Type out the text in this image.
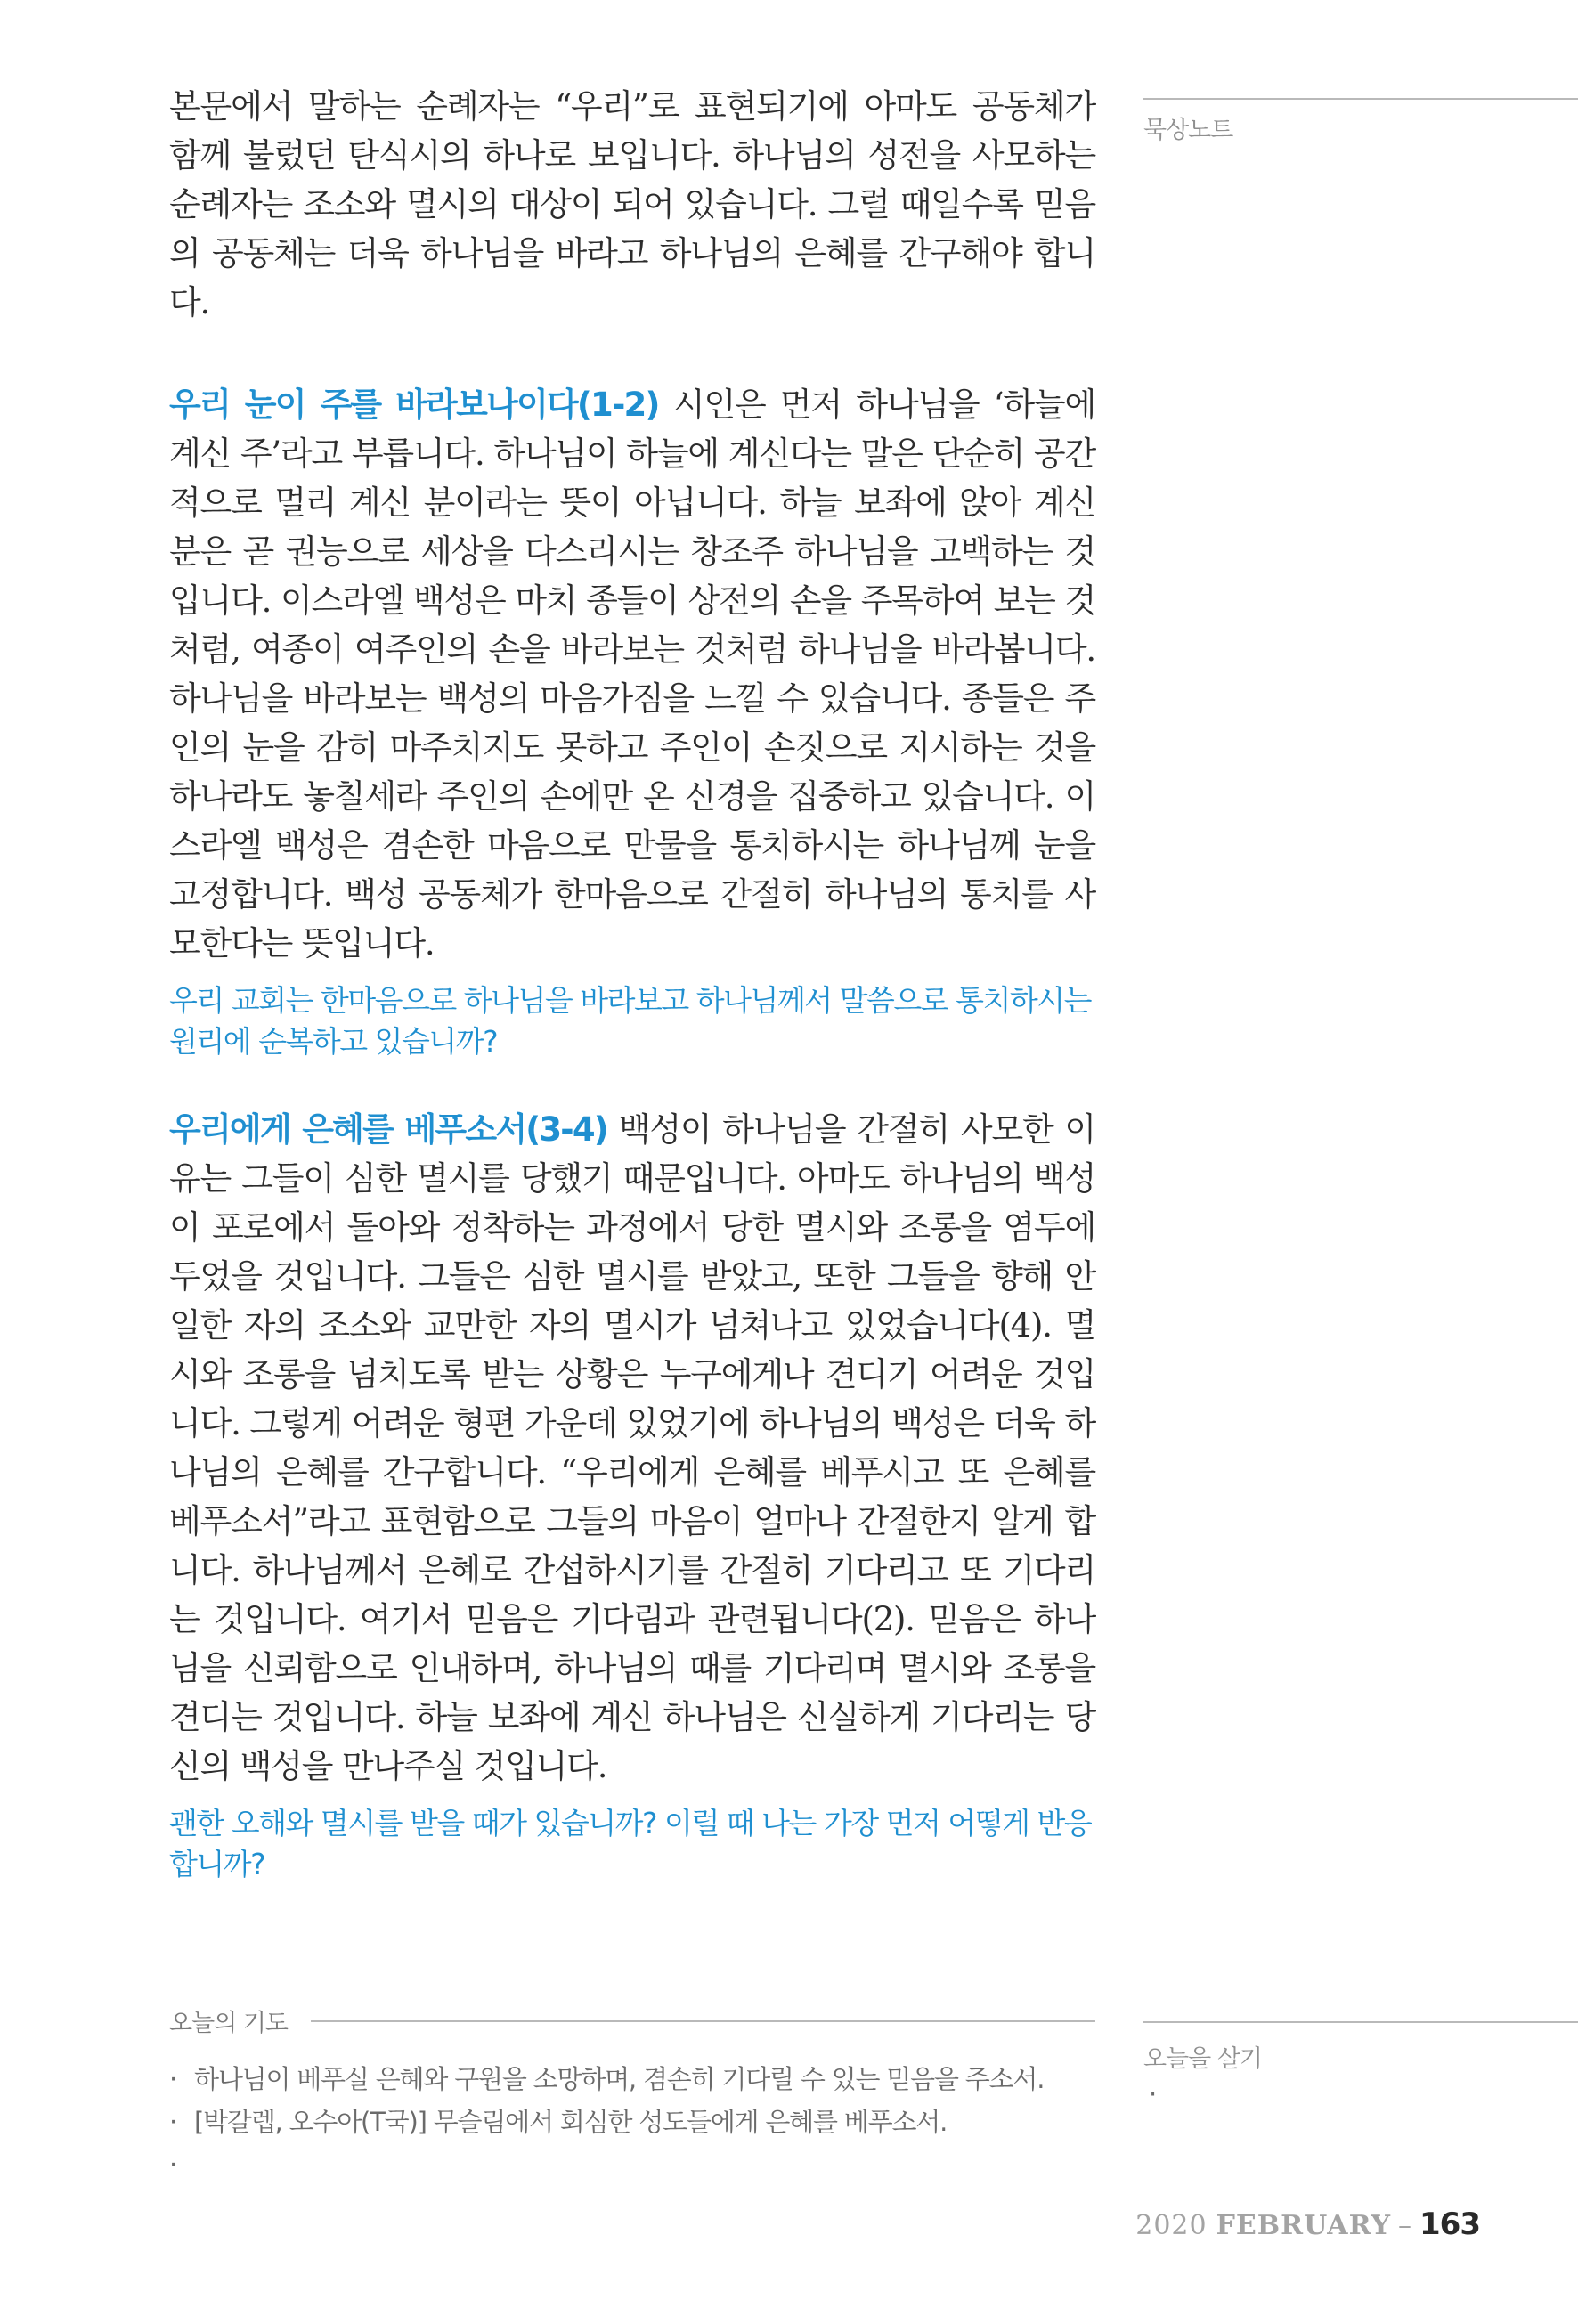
본문에서 말하는 순례자는 “우리”로 표현되기에 아마도 공동체가 함께 불렀던 탄식시의 하나로 보입니다. 하나님의 성전을 사모하는 순례자는 조소와 멸시의 대상이 되어 있습니다. 그럴 때일수록 믿음의 공동체는 더욱 하나님을 바라고 하나님의 은혜를 간구해야 합니다.

우리 눈이 주를 바라보나이다(1-2) 시인은 먼저 하나님을 ‘하늘에 계신 주’라고 부릅니다. 하나님이 하늘에 계신다는 말은 단순히 공간적으로 멀리 계신 분이라는 뜻이 아닙니다. 하늘 보좌에 앉아 계신 분은 곧 권능으로 세상을 다스리시는 창조주 하나님을 고백하는 것입니다. 이스라엘 백성은 마치 종들이 상전의 손을 주목하여 보는 것처럼, 여종이 여주인의 손을 바라보는 것처럼 하나님을 바라봅니다. 하나님을 바라보는 백성의 마음가짐을 느낄 수 있습니다. 종들은 주인의 눈을 감히 마주치지도 못하고 주인이 손짓으로 지시하는 것을 하나라도 놓칠세라 주인의 손에만 온 신경을 집중하고 있습니다. 이스라엘 백성은 겸손한 마음으로 만물을 통치하시는 하나님께 눈을 고정합니다. 백성 공동체가 한마음으로 간절히 하나님의 통치를 사모한다는 뜻입니다.

우리 교회는 한마음으로 하나님을 바라보고 하나님께서 말씀으로 통치하시는 원리에 순복하고 있습니까?

우리에게 은혜를 베푸소서(3-4) 백성이 하나님을 간절히 사모한 이유는 그들이 심한 멸시를 당했기 때문입니다. 아마도 하나님의 백성이 포로에서 돌아와 정착하는 과정에서 당한 멸시와 조롱을 염두에 두었을 것입니다. 그들은 심한 멸시를 받았고, 또한 그들을 향해 안일한 자의 조소와 교만한 자의 멸시가 넘쳐나고 있었습니다(4). 멸시와 조롱을 넘치도록 받는 상황은 누구에게나 견디기 어려운 것입니다. 그렇게 어려운 형편 가운데 있었기에 하나님의 백성은 더욱 하나님의 은혜를 간구합니다. “우리에게 은혜를 베푸시고 또 은혜를 베푸소서”라고 표현함으로 그들의 마음이 얼마나 간절한지 알게 합니다. 하나님께서 은혜로 간섭하시기를 간절히 기다리고 또 기다리는 것입니다. 여기서 믿음은 기다림과 관련됩니다(2). 믿음은 하나님을 신뢰함으로 인내하며, 하나님의 때를 기다리며 멸시와 조롱을 견디는 것입니다. 하늘 보좌에 계신 하나님은 신실하게 기다리는 당신의 백성을 만나주실 것입니다.

괜한 오해와 멸시를 받을 때가 있습니까? 이럴 때 나는 가장 먼저 어떻게 반응합니까?

묵상노트
오늘의 기도
· 하나님이 베푸실 은혜와 구원을 소망하며, 겸손히 기다릴 수 있는 믿음을 주소서.
· [박갈렙, 오수아(T국)] 무슬림에서 회심한 성도들에게 은혜를 베푸소서.
·
오늘을 살기
·
2020 FEBRUARY – 163
